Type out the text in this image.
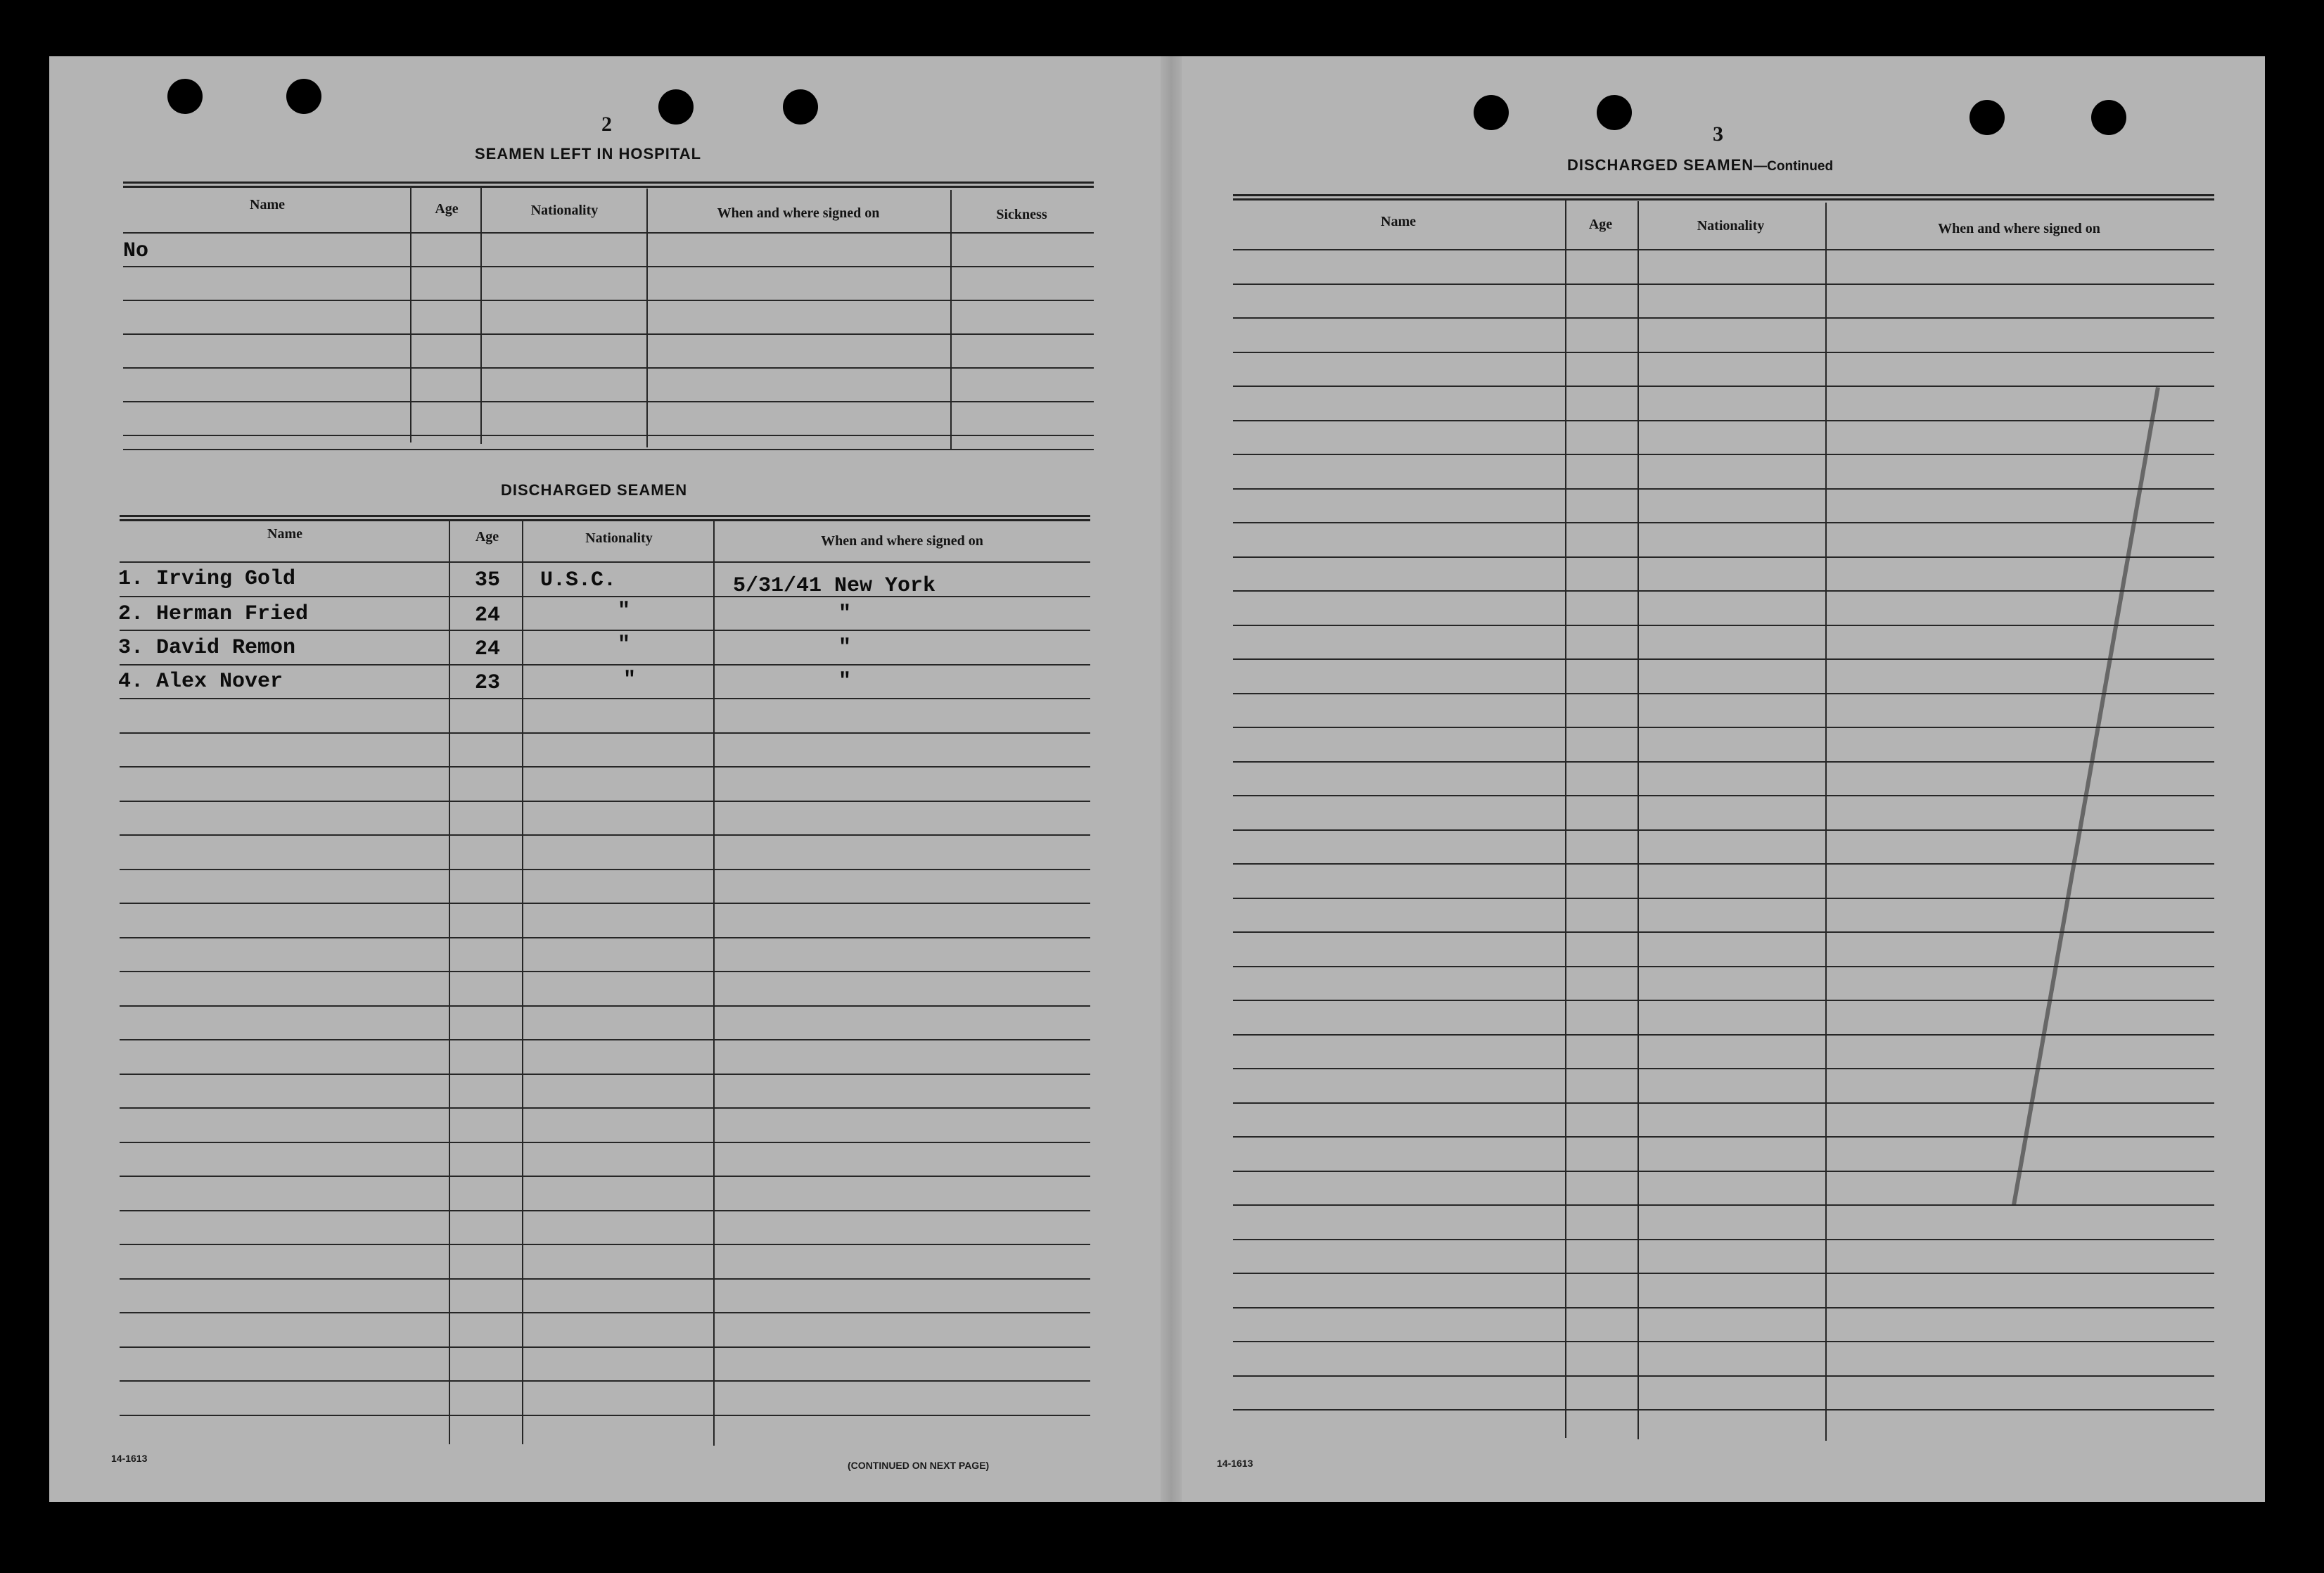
2
SEAMEN LEFT IN HOSPITAL
Name	Age	Nationality	When and where signed on	Sickness
No
DISCHARGED SEAMEN
Name	Age	Nationality	When and where signed on
1. Irving Gold	35 U.S.C.	5/31/41 New York
2. Herman Fried	24	"	"
3. David Remon	24	"	"
4. Alex Nover	23	"	"
14-1613
(CONTINUED ON NEXT PAGE)
3
DISCHARGED SEAMEN—Continued
Name	Age	Nationality	When and where signed on
14-1613
